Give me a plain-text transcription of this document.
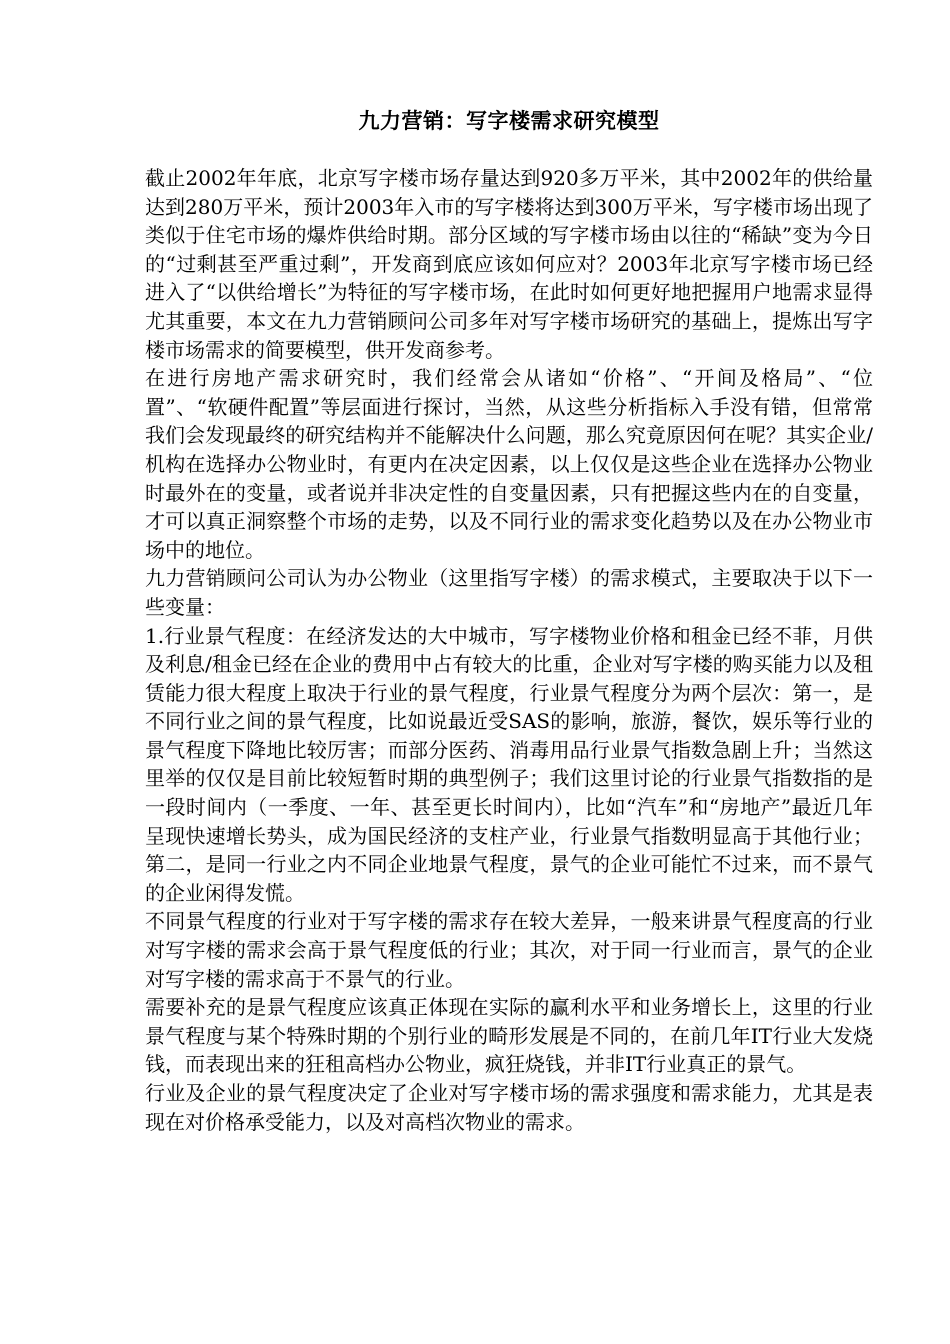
九力营销：写字楼需求研究模型

截止2002年年底，北京写字楼市场存量达到920多万平米，其中2002年的供给量达到280万平米，预计2003年入市的写字楼将达到300万平米，写字楼市场出现了类似于住宅市场的爆炸供给时期。部分区域的写字楼市场由以往的“稀缺”变为今日的“过剩甚至严重过剩”，开发商到底应该如何应对？2003年北京写字楼市场已经进入了“以供给增长”为特征的写字楼市场，在此时如何更好地把握用户地需求显得尤其重要，本文在九力营销顾问公司多年对写字楼市场研究的基础上，提炼出写字楼市场需求的简要模型，供开发商参考。

在进行房地产需求研究时，我们经常会从诸如“价格”、“开间及格局”、“位置”、“软硬件配置”等层面进行探讨，当然，从这些分析指标入手没有错，但常常我们会发现最终的研究结构并不能解决什么问题，那么究竟原因何在呢？其实企业/机构在选择办公物业时，有更内在决定因素，以上仅仅是这些企业在选择办公物业时最外在的变量，或者说并非决定性的自变量因素，只有把握这些内在的自变量，才可以真正洞察整个市场的走势，以及不同行业的需求变化趋势以及在办公物业市场中的地位。

九力营销顾问公司认为办公物业（这里指写字楼）的需求模式，主要取决于以下一些变量：

1.行业景气程度：在经济发达的大中城市，写字楼物业价格和租金已经不菲，月供及利息/租金已经在企业的费用中占有较大的比重，企业对写字楼的购买能力以及租赁能力很大程度上取决于行业的景气程度，行业景气程度分为两个层次：第一，是不同行业之间的景气程度，比如说最近受SAS的影响，旅游，餐饮，娱乐等行业的景气程度下降地比较厉害；而部分医药、消毒用品行业景气指数急剧上升；当然这里举的仅仅是目前比较短暂时期的典型例子；我们这里讨论的行业景气指数指的是一段时间内（一季度、一年、甚至更长时间内），比如“汽车”和“房地产”最近几年呈现快速增长势头，成为国民经济的支柱产业，行业景气指数明显高于其他行业；第二，是同一行业之内不同企业地景气程度，景气的企业可能忙不过来，而不景气的企业闲得发慌。

不同景气程度的行业对于写字楼的需求存在较大差异，一般来讲景气程度高的行业对写字楼的需求会高于景气程度低的行业；其次，对于同一行业而言，景气的企业对写字楼的需求高于不景气的行业。

需要补充的是景气程度应该真正体现在实际的赢利水平和业务增长上，这里的行业景气程度与某个特殊时期的个别行业的畸形发展是不同的，在前几年IT行业大发烧钱，而表现出来的狂租高档办公物业，疯狂烧钱，并非IT行业真正的景气。

行业及企业的景气程度决定了企业对写字楼市场的需求强度和需求能力，尤其是表现在对价格承受能力，以及对高档次物业的需求。
